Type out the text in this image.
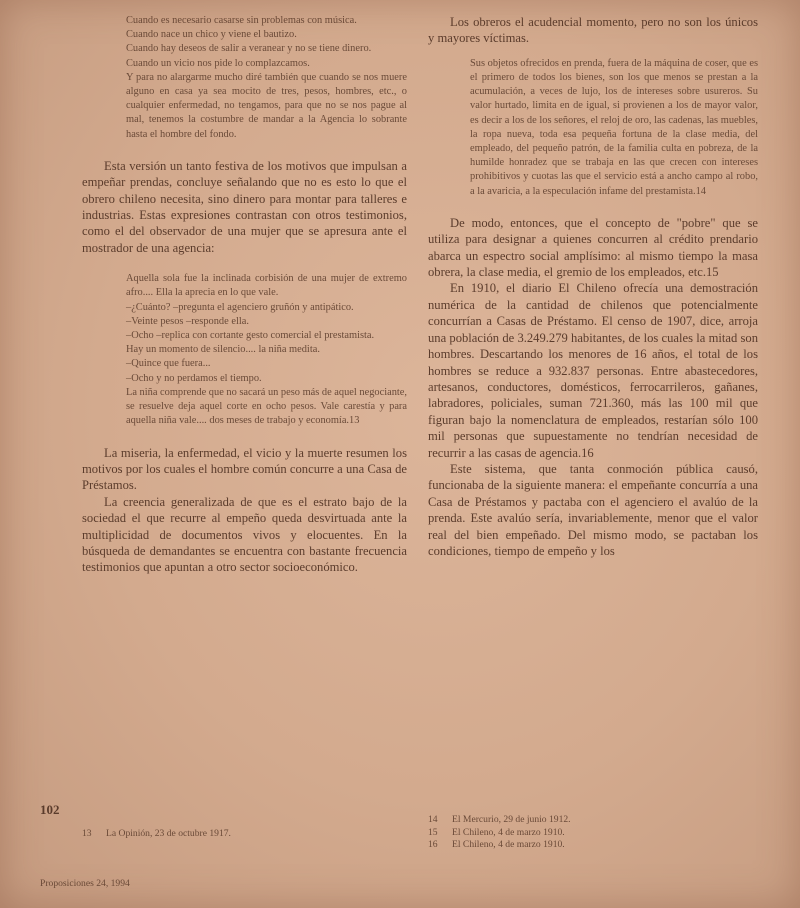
Cuando es necesario casarse sin problemas con música.

Cuando nace un chico y viene el bautizo.

Cuando hay deseos de salir a veranear y no se tiene dinero.

Cuando un vicio nos pide lo complazcamos.

Y para no alargarme mucho diré también que cuando se nos muere alguno en casa ya sea mocito de tres, pesos, hombres, etc., o cualquier enfermedad, no tengamos, para que no se nos pague al mal, tenemos la costumbre de mandar a la Agencia lo sobrante hasta el hombre del fondo.

Esta versión un tanto festiva de los motivos que impulsan a empeñar prendas, concluye señalando que no es esto lo que el obrero chileno necesita, sino dinero para montar para talleres e industrias. Estas expresiones contrastan con otros testimonios, como el del observador de una mujer que se apresura ante el mostrador de una agencia:

Aquella sola fue la inclinada corbisión de una mujer de extremo afro.... Ella la aprecia en lo que vale.

–¿Cuánto? –pregunta el agenciero gruñón y antipático.

–Veinte pesos –responde ella.

–Ocho –replica con cortante gesto comercial el prestamista.

Hay un momento de silencio.... la niña medita.

–Quince que fuera...

–Ocho y no perdamos el tiempo.

La niña comprende que no sacará un peso más de aquel negociante, se resuelve deja aquel corte en ocho pesos. Vale carestía y para aquella niña vale.... dos meses de trabajo y economía.13

La miseria, la enfermedad, el vicio y la muerte resumen los motivos por los cuales el hombre común concurre a una Casa de Préstamos.

La creencia generalizada de que es el estrato bajo de la sociedad el que recurre al empeño queda desvirtuada ante la multiplicidad de documentos vivos y elocuentes. En la búsqueda de demandantes se encuentra con bastante frecuencia testimonios que apuntan a otro sector socioeconómico.

102
13	La Opinión, 23 de octubre 1917.

Los obreros el acudencial momento, pero no son los únicos y mayores víctimas.

Sus objetos ofrecidos en prenda, fuera de la máquina de coser, que es el primero de todos los bienes, son los que menos se prestan a la acumulación, a veces de lujo, los de intereses sobre usureros. Su valor hurtado, limita en de igual, si provienen a los de mayor valor, es decir a los de los señores, el reloj de oro, las cadenas, las muebles, la ropa nueva, toda esa pequeña fortuna de la clase media, del empleado, del pequeño patrón, de la familia culta en pobreza, de la humilde honradez que se trabaja en las que crecen con intereses prohibitivos y cuotas las que el servicio está a ancho campo al robo, a la avaricia, a la especulación infame del prestamista.14

De modo, entonces, que el concepto de "pobre" que se utiliza para designar a quienes concurren al crédito prendario abarca un espectro social amplísimo: al mismo tiempo la masa obrera, la clase media, el gremio de los empleados, etc.15

En 1910, el diario El Chileno ofrecía una demostración numérica de la cantidad de chilenos que potencialmente concurrían a Casas de Préstamo. El censo de 1907, dice, arroja una población de 3.249.279 habitantes, de los cuales la mitad son hombres. Descartando los menores de 16 años, el total de los hombres se reduce a 932.837 personas. Entre abastecedores, artesanos, conductores, domésticos, ferrocarrileros, gañanes, labradores, policiales, suman 721.360, más las 100 mil que figuran bajo la nomenclatura de empleados, restarían sólo 100 mil personas que supuestamente no tendrían necesidad de recurrir a las casas de agencia.16

Este sistema, que tanta conmoción pública causó, funcionaba de la siguiente manera: el empeñante concurría a una Casa de Préstamos y pactaba con el agenciero el avalúo de la prenda. Este avalúo sería, invariablemente, menor que el valor real del bien empeñado. Del mismo modo, se pactaban los condiciones, tiempo de empeño y los

14	El Mercurio, 29 de junio 1912.
15	El Chileno, 4 de marzo 1910.
16	El Chileno, 4 de marzo 1910.
Proposiciones 24, 1994
